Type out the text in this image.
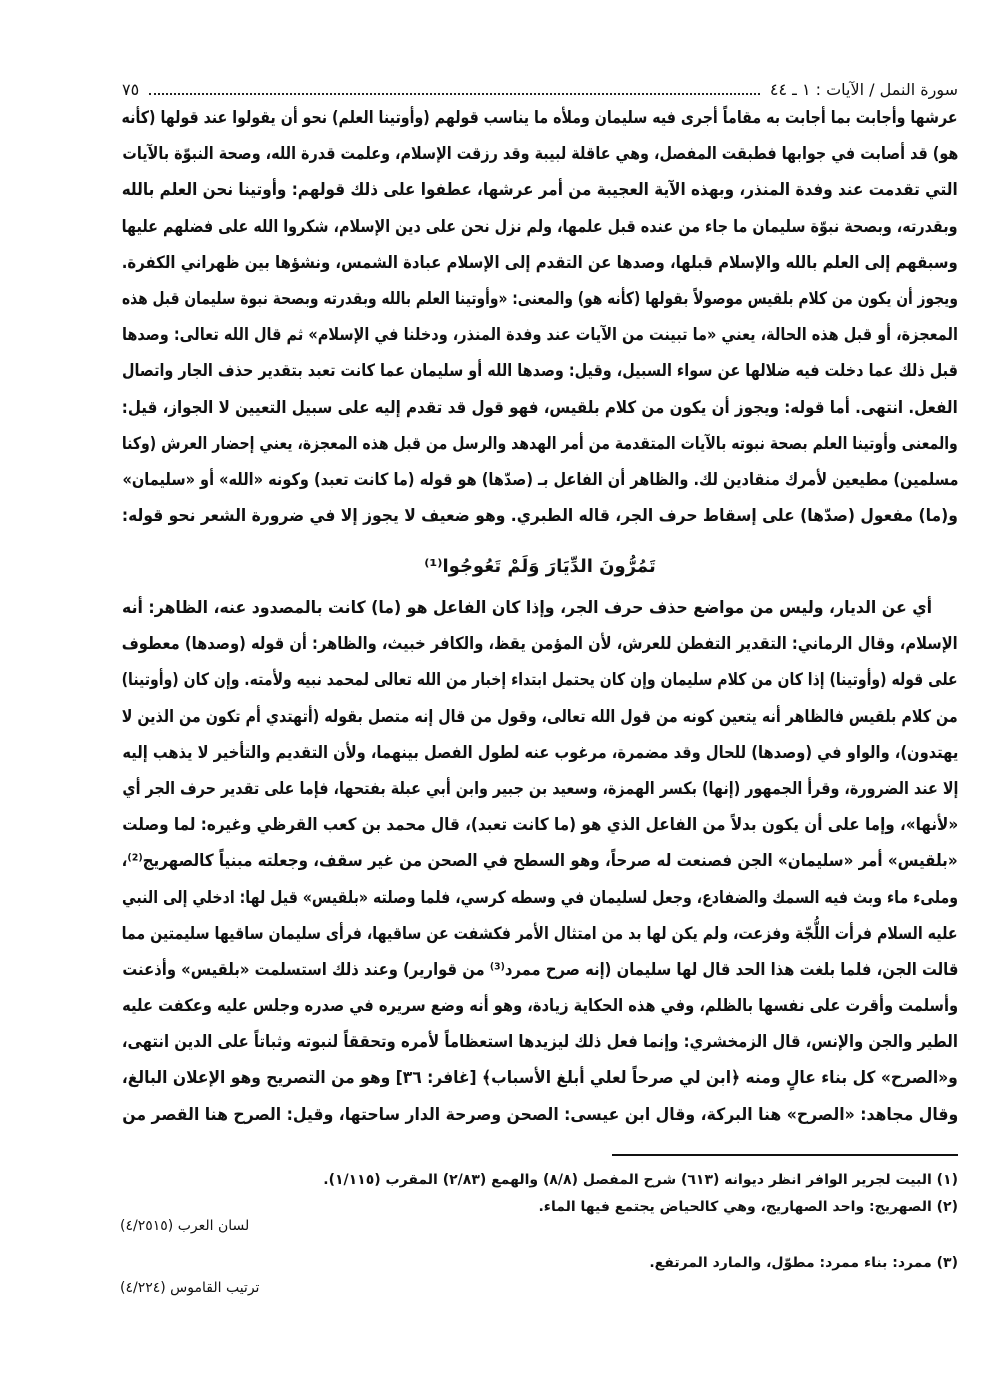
سورة النمل / الآيات : ١ ـ ٤٤
٧٥
عرشها وأجابت بما أجابت به مقاماً أجرى فيه سليمان وملأه ما يناسب قولهم (وأوتينا العلم) نحو أن يقولوا عند قولها (كأنه
هو) قد أصابت في جوابها فطبقت المفصل، وهي عاقلة لبيبة وقد رزقت الإسلام، وعلمت قدرة الله، وصحة النبوّة بالآيات
التي تقدمت عند وفدة المنذر، وبهذه الآية العجيبة من أمر عرشها، عطفوا على ذلك قولهم: وأوتينا نحن العلم بالله
وبقدرته، وبصحة نبوّة سليمان ما جاء من عنده قبل علمها، ولم نزل نحن على دين الإسلام، شكروا الله على فضلهم عليها
وسبقهم إلى العلم بالله والإسلام قبلها، وصدها عن التقدم إلى الإسلام عبادة الشمس، ونشؤها بين ظهراني الكفرة.
ويجوز أن يكون من كلام بلقيس موصولاً بقولها (كأنه هو) والمعنى: «وأوتينا العلم بالله وبقدرته وبصحة نبوة سليمان قبل هذه
المعجزة، أو قبل هذه الحالة، يعني «ما تبينت من الآيات عند وفدة المنذر، ودخلنا في الإسلام» ثم قال الله تعالى: وصدها
قبل ذلك عما دخلت فيه ضلالها عن سواء السبيل، وقيل: وصدها الله أو سليمان عما كانت تعبد بتقدير حذف الجار واتصال
الفعل. انتهى. أما قوله: ويجوز أن يكون من كلام بلقيس، فهو قول قد تقدم إليه على سبيل التعيين لا الجواز، قيل:
والمعنى وأوتينا العلم بصحة نبوته بالآيات المتقدمة من أمر الهدهد والرسل من قبل هذه المعجزة، يعني إحضار العرش (وكنا
مسلمين) مطيعين لأمرك منقادين لك. والظاهر أن الفاعل بـ (صدّها) هو قوله (ما كانت تعبد) وكونه «الله» أو «سليمان»
و(ما) مفعول (صدّها) على إسقاط حرف الجر، قاله الطبري. وهو ضعيف لا يجوز إلا في ضرورة الشعر نحو قوله:
تَمُرُّونَ الدِّيَارَ وَلَمْ تَعُوجُوا⁽¹⁾
أي عن الديار، وليس من مواضع حذف حرف الجر، وإذا كان الفاعل هو (ما) كانت بالمصدود عنه، الظاهر: أنه
الإسلام، وقال الرماني: التقدير التفطن للعرش، لأن المؤمن يقظ، والكافر خبيث، والظاهر: أن قوله (وصدها) معطوف
على قوله (وأوتينا) إذا كان من كلام سليمان وإن كان يحتمل ابتداء إخبار من الله تعالى لمحمد نبيه ولأمته. وإن كان (وأوتينا)
من كلام بلقيس فالظاهر أنه يتعين كونه من قول الله تعالى، وقول من قال إنه متصل بقوله (أتهتدي أم تكون من الذين لا
يهتدون)، والواو في (وصدها) للحال وقد مضمرة، مرغوب عنه لطول الفصل بينهما، ولأن التقديم والتأخير لا يذهب إليه
إلا عند الضرورة، وقرأ الجمهور (إنها) بكسر الهمزة، وسعيد بن جبير وابن أبي عبلة بفتحها، فإما على تقدير حرف الجر أي
«لأنها»، وإما على أن يكون بدلاً من الفاعل الذي هو (ما كانت تعبد)، قال محمد بن كعب القرظي وغيره: لما وصلت
«بلقيس» أمر «سليمان» الجن فصنعت له صرحاً، وهو السطح في الصحن من غير سقف، وجعلته مبنياً كالصهريج⁽²⁾،
وملىء ماء وبث فيه السمك والضفادع، وجعل لسليمان في وسطه كرسي، فلما وصلته «بلقيس» قيل لها: ادخلي إلى النبي
عليه السلام فرأت اللُّجّة وفزعت، ولم يكن لها بد من امتثال الأمر فكشفت عن ساقيها، فرأى سليمان ساقيها سليمتين مما
قالت الجن، فلما بلغت هذا الحد قال لها سليمان (إنه صرح ممرد⁽³⁾ من قوارير) وعند ذلك استسلمت «بلقيس» وأذعنت
وأسلمت وأقرت على نفسها بالظلم، وفي هذه الحكاية زيادة، وهو أنه وضع سريره في صدره وجلس عليه وعكفت عليه
الطير والجن والإنس، قال الزمخشري: وإنما فعل ذلك ليزيدها استعظاماً لأمره وتحققاً لنبوته وثباتاً على الدين انتهى،
و«الصرح» كل بناء عالٍ ومنه ﴿ابن لي صرحاً لعلي أبلغ الأسباب﴾ [غافر: ٣٦] وهو من التصريح وهو الإعلان البالغ،
وقال مجاهد: «الصرح» هنا البركة، وقال ابن عيسى: الصحن وصرحة الدار ساحتها، وقيل: الصرح هنا القصر من
(١) البيت لجرير الوافر انظر ديوانه (٦١٣) شرح المفصل (٨/٨) والهمع (٢/٨٣) المقرب (١/١١٥).
(٢) الصهريج: واحد الصهاريج، وهي كالحياض يجتمع فيها الماء.
(٣) ممرد: بناء ممرد: مطوّل، والمارد المرتفع.
لسان العرب (٤/٢٥١٥)
ترتيب القاموس (٤/٢٢٤)
